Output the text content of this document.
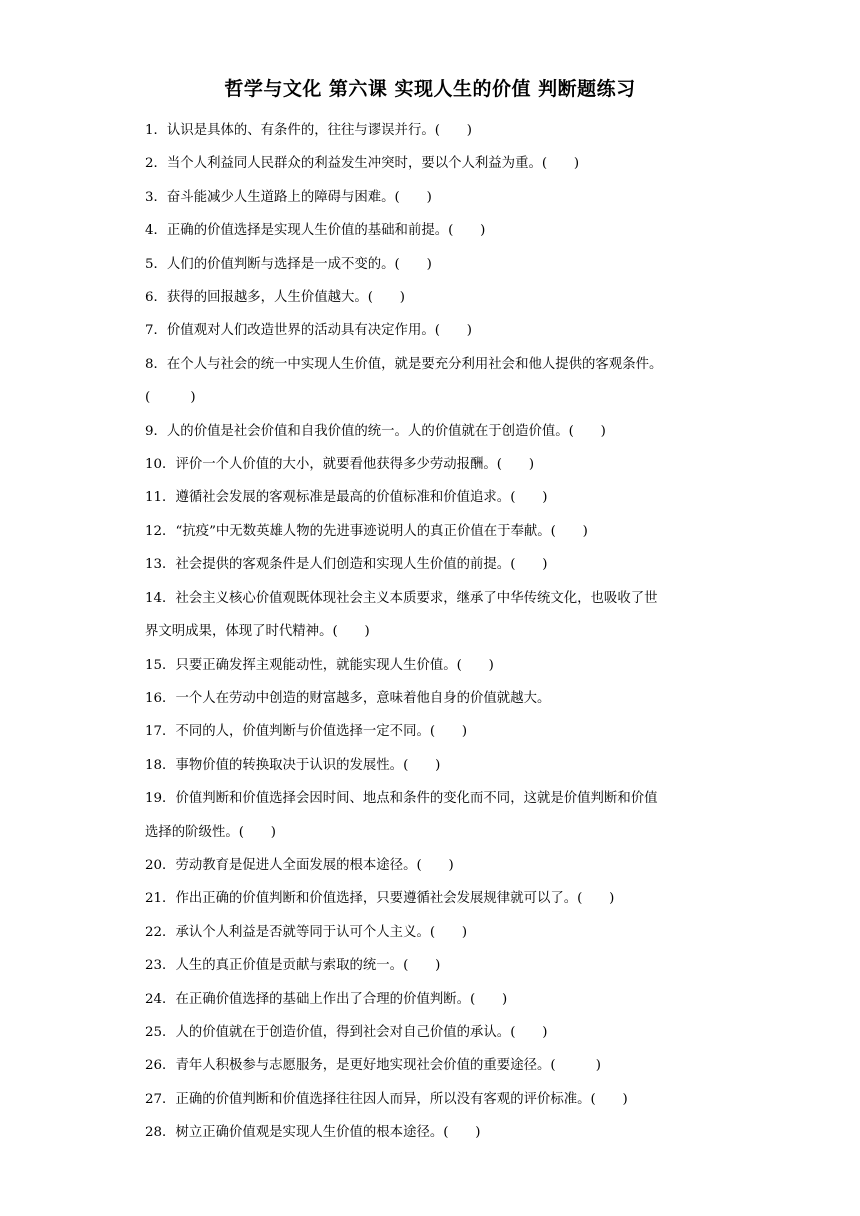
哲学与文化 第六课 实现人生的价值 判断题练习
1．认识是具体的、有条件的，往往与谬误并行。(　　)
2．当个人利益同人民群众的利益发生冲突时，要以个人利益为重。(　　)
3．奋斗能减少人生道路上的障碍与困难。(　　)
4．正确的价值选择是实现人生价值的基础和前提。(　　)
5．人们的价值判断与选择是一成不变的。(　　)
6．获得的回报越多，人生价值越大。(　　)
7．价值观对人们改造世界的活动具有决定作用。(　　)
8．在个人与社会的统一中实现人生价值，就是要充分利用社会和他人提供的客观条件。
(　　　)
9．人的价值是社会价值和自我价值的统一。人的价值就在于创造价值。(　　)
10．评价一个人价值的大小，就要看他获得多少劳动报酬。(　　)
11．遵循社会发展的客观标准是最高的价值标准和价值追求。(　　)
12．“抗疫”中无数英雄人物的先进事迹说明人的真正价值在于奉献。(　　)
13．社会提供的客观条件是人们创造和实现人生价值的前提。(　　)
14．社会主义核心价值观既体现社会主义本质要求，继承了中华传统文化，也吸收了世
界文明成果，体现了时代精神。(　　)
15．只要正确发挥主观能动性，就能实现人生价值。(　　)
16．一个人在劳动中创造的财富越多，意味着他自身的价值就越大。
17．不同的人，价值判断与价值选择一定不同。(　　)
18．事物价值的转换取决于认识的发展性。(　　)
19．价值判断和价值选择会因时间、地点和条件的变化而不同，这就是价值判断和价值
选择的阶级性。(　　)
20．劳动教育是促进人全面发展的根本途径。(　　)
21．作出正确的价值判断和价值选择，只要遵循社会发展规律就可以了。(　　)
22．承认个人利益是否就等同于认可个人主义。(　　)
23．人生的真正价值是贡献与索取的统一。(　　)
24．在正确价值选择的基础上作出了合理的价值判断。(　　)
25．人的价值就在于创造价值，得到社会对自己价值的承认。(　　)
26．青年人积极参与志愿服务，是更好地实现社会价值的重要途径。(　　　)
27．正确的价值判断和价值选择往往因人而异，所以没有客观的评价标准。(　　)
28．树立正确价值观是实现人生价值的根本途径。(　　)
